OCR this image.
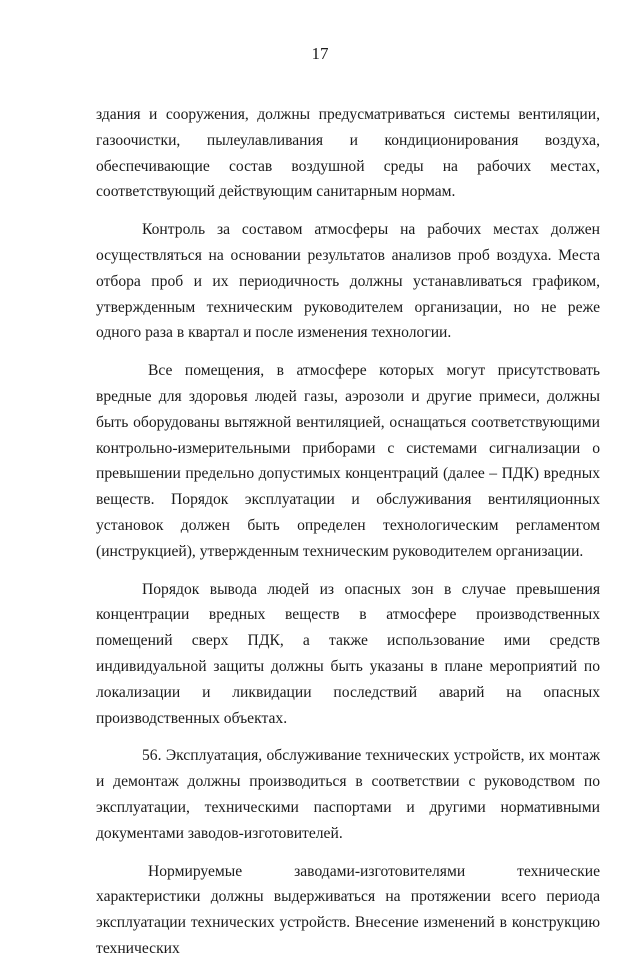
17

здания и сооружения, должны предусматриваться системы вентиляции, газоочистки, пылеулавливания и кондиционирования воздуха, обеспечивающие состав воздушной среды на рабочих местах, соответствующий действующим санитарным нормам.

Контроль за составом атмосферы на рабочих местах должен осуществляться на основании результатов анализов проб воздуха. Места отбора проб и их периодичность должны устанавливаться графиком, утвержденным техническим руководителем организации, но не реже одного раза в квартал и после изменения технологии.

Все помещения, в атмосфере которых могут присутствовать вредные для здоровья людей газы, аэрозоли и другие примеси, должны быть оборудованы вытяжной вентиляцией, оснащаться соответствующими контрольно-измерительными приборами с системами сигнализации о превышении предельно допустимых концентраций (далее – ПДК) вредных веществ. Порядок эксплуатации и обслуживания вентиляционных установок должен быть определен технологическим регламентом (инструкцией), утвержденным техническим руководителем организации.

Порядок вывода людей из опасных зон в случае превышения концентрации вредных веществ в атмосфере производственных помещений сверх ПДК, а также использование ими средств индивидуальной защиты должны быть указаны в плане мероприятий по локализации и ликвидации последствий аварий на опасных производственных объектах.

56. Эксплуатация, обслуживание технических устройств, их монтаж и демонтаж должны производиться в соответствии с руководством по эксплуатации, техническими паспортами и другими нормативными документами заводов-изготовителей.

Нормируемые заводами-изготовителями технические характеристики должны выдерживаться на протяжении всего периода эксплуатации технических устройств. Внесение изменений в конструкцию технических
